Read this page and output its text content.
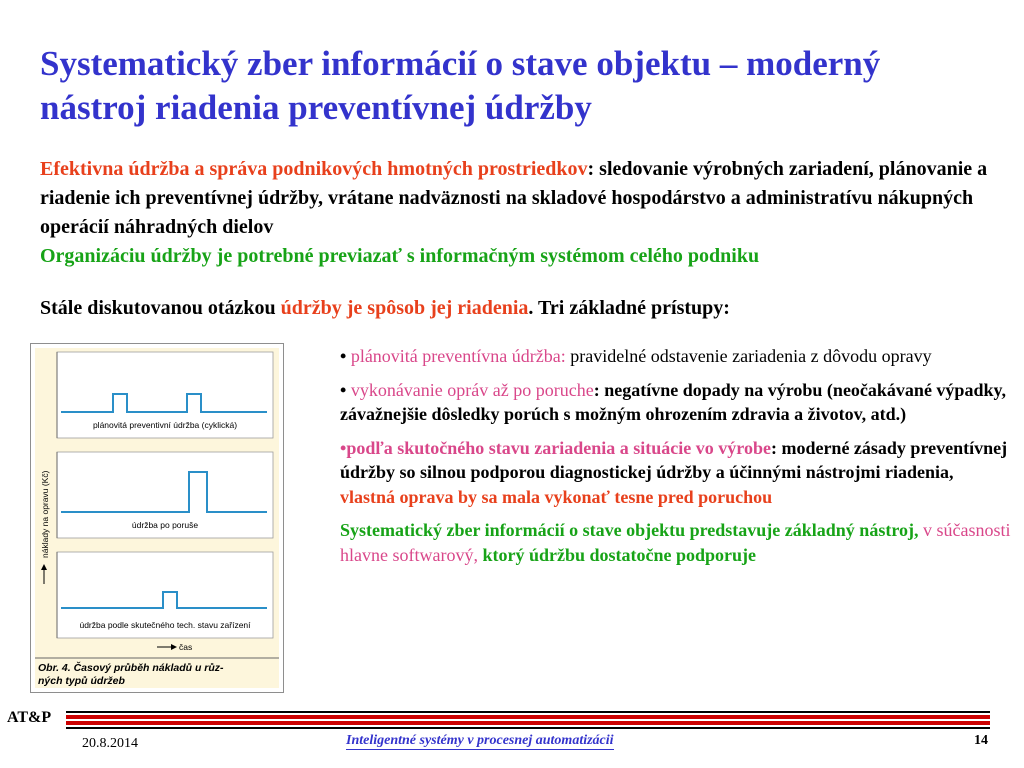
Systematický zber informácií o stave objektu – moderný
nástroj riadenia preventívnej údržby

Efektivna údržba a správa podnikových hmotných prostriedkov: sledovanie výrobných zariadení, plánovanie a riadenie ich preventívnej údržby, vrátane nadväznosti na skladové hospodárstvo a administratívu nákupných operácií náhradných dielov
Organizáciu údržby je potrebné previazať s informačným systémom celého podniku

Stále diskutovanou otázkou údržby je spôsob jej riadenia. Tri základné prístupy:

plánovitá preventivní údržba (cyklická)
údržba po poruše
údržba podle skutečného tech. stavu zařízení
náklady na opravu (Kč)
čas
Obr. 4. Časový průběh nákladů u růz-
ných typů údržeb

• plánovitá preventívna údržba: pravidelné odstavenie zariadenia z dôvodu opravy

• vykonávanie opráv až po poruche: negatívne dopady na výrobu (neočakávané výpadky, závažnejšie dôsledky porúch s možným ohrozením zdravia a životov, atd.)

•podľa skutočného stavu zariadenia a situácie vo výrobe: moderné zásady preventívnej údržby so silnou podporou diagnostickej údržby a účinnými nástrojmi riadenia, vlastná oprava by sa mala vykonať tesne pred poruchou

Systematický zber informácií o stave objektu predstavuje základný nástroj, v súčasnosti hlavne softwarový, ktorý údržbu dostatočne podporuje

AT&P
20.8.2014	Inteligentné systémy v procesnej automatizácii	14
